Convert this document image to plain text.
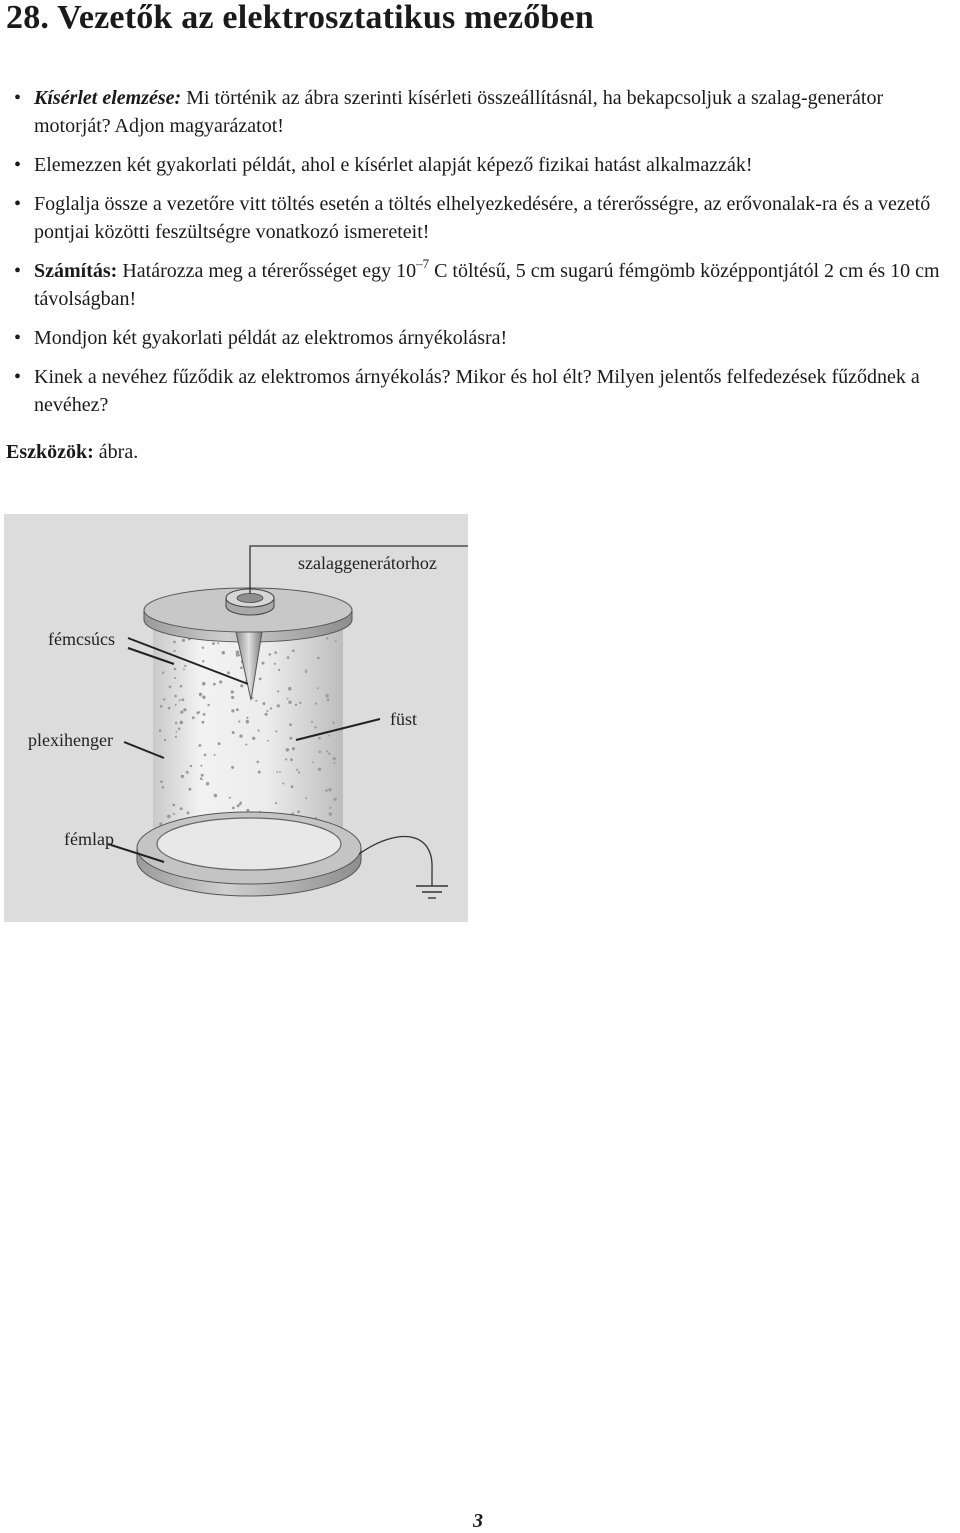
28. Vezetők az elektrosztatikus mezőben
• Kísérlet elemzése: Mi történik az ábra szerinti kísérleti összeállításnál, ha bekapcsoljuk a szalag-generátor motorját? Adjon magyarázatot!
• Elemezzen két gyakorlati példát, ahol e kísérlet alapját képező fizikai hatást alkalmazzák!
• Foglalja össze a vezetőre vitt töltés esetén a töltés elhelyezkedésére, a térerősségre, az erővonalak-ra és a vezető pontjai közötti feszültségre vonatkozó ismereteit!
• Számítás: Határozza meg a térerősséget egy $10^{-7}$ C töltésű, 5 cm sugarú fémgömb középpontjától 2 cm és 10 cm távolságban!
• Mondjon két gyakorlati példát az elektromos árnyékolásra!
• Kinek a nevéhez fűződik az elektromos árnyékolás? Mikor és hol élt? Milyen jelentős felfedezések fűződnek a nevéhez?
Eszközök: ábra.
szalaggenerátorhoz
fémcsúcs
füst
plexihenger
fémlap
3
